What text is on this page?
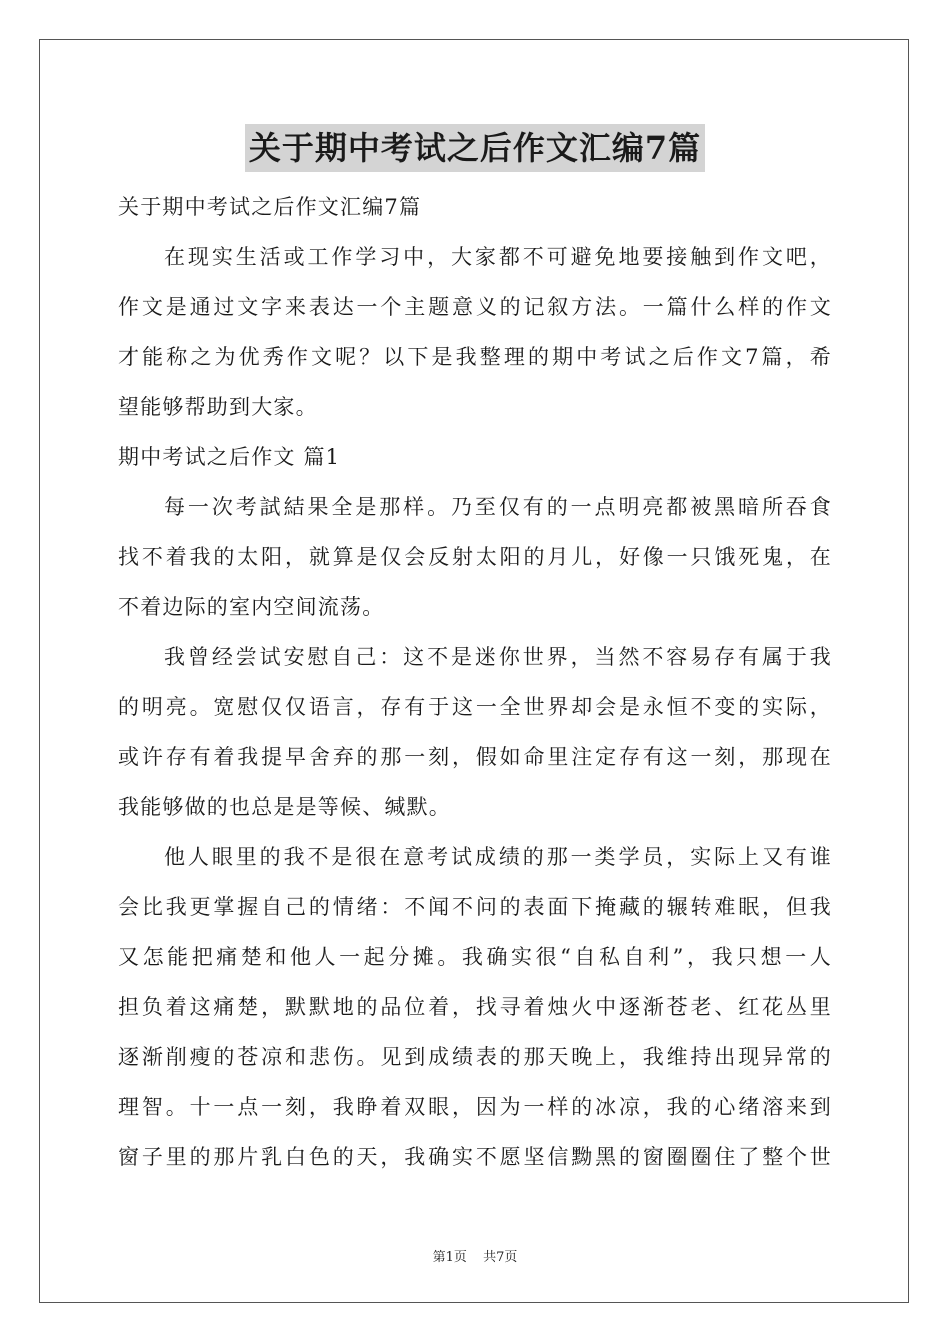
关于期中考试之后作文汇编7篇
关于期中考试之后作文汇编7篇
在现实生活或工作学习中，大家都不可避免地要接触到作文吧，
作文是通过文字来表达一个主题意义的记叙方法。一篇什么样的作文
才能称之为优秀作文呢？以下是我整理的期中考试之后作文7篇，希
望能够帮助到大家。
期中考试之后作文 篇1
每一次考試結果全是那样。乃至仅有的一点明亮都被黑暗所吞食
找不着我的太阳，就算是仅会反射太阳的月儿，好像一只饿死鬼，在
不着边际的室内空间流荡。
我曾经尝试安慰自己：这不是迷你世界，当然不容易存有属于我
的明亮。宽慰仅仅语言，存有于这一全世界却会是永恒不变的实际，
或许存有着我提早舍弃的那一刻，假如命里注定存有这一刻，那现在
我能够做的也总是是等候、缄默。
他人眼里的我不是很在意考试成绩的那一类学员，实际上又有谁
会比我更掌握自己的情绪：不闻不问的表面下掩藏的辗转难眠，但我
又怎能把痛楚和他人一起分摊。我确实很“自私自利”，我只想一人
担负着这痛楚，默默地的品位着，找寻着烛火中逐渐苍老、红花丛里
逐渐削瘦的苍凉和悲伤。见到成绩表的那天晚上，我维持出现异常的
理智。十一点一刻，我睁着双眼，因为一样的冰凉，我的心绪溶来到
窗子里的那片乳白色的天，我确实不愿坚信黝黑的窗圈圈住了整个世
第1页 共7页
